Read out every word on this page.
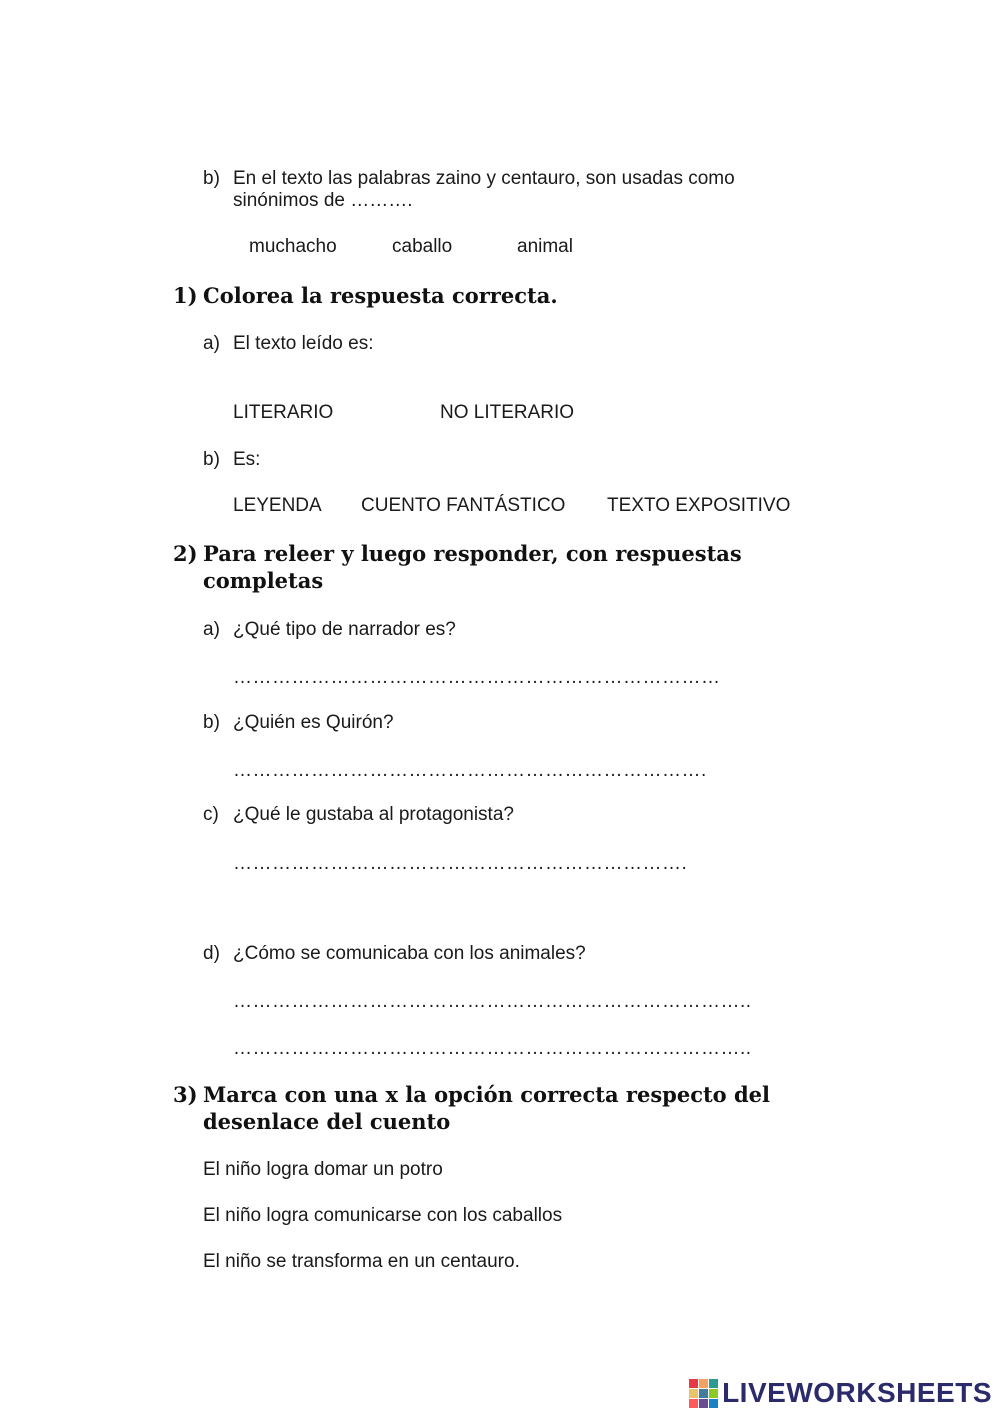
b) En el texto las palabras zaino y centauro, son usadas como
sinónimos de ……….
muchacho	caballo	animal
1) Colorea la respuesta correcta.
a) El texto leído es:
LITERARIO	NO LITERARIO
b) Es:
LEYENDA CUENTO FANTÁSTICO TEXTO EXPOSITIVO
2) Para releer y luego responder, con respuestas
completas
a) ¿Qué tipo de narrador es?
…………………………………………………………………
b) ¿Quién es Quirón?
……………………………………………………………….
c) ¿Qué le gustaba al protagonista?
…………………………………………………………….
d) ¿Cómo se comunicaba con los animales?
……………………………………………………………………..
……………………………………………………………………..
3) Marca con una x la opción correcta respecto del
desenlace del cuento
El niño logra domar un potro
El niño logra comunicarse con los caballos
El niño se transforma en un centauro.
LIVEWORKSHEETS
